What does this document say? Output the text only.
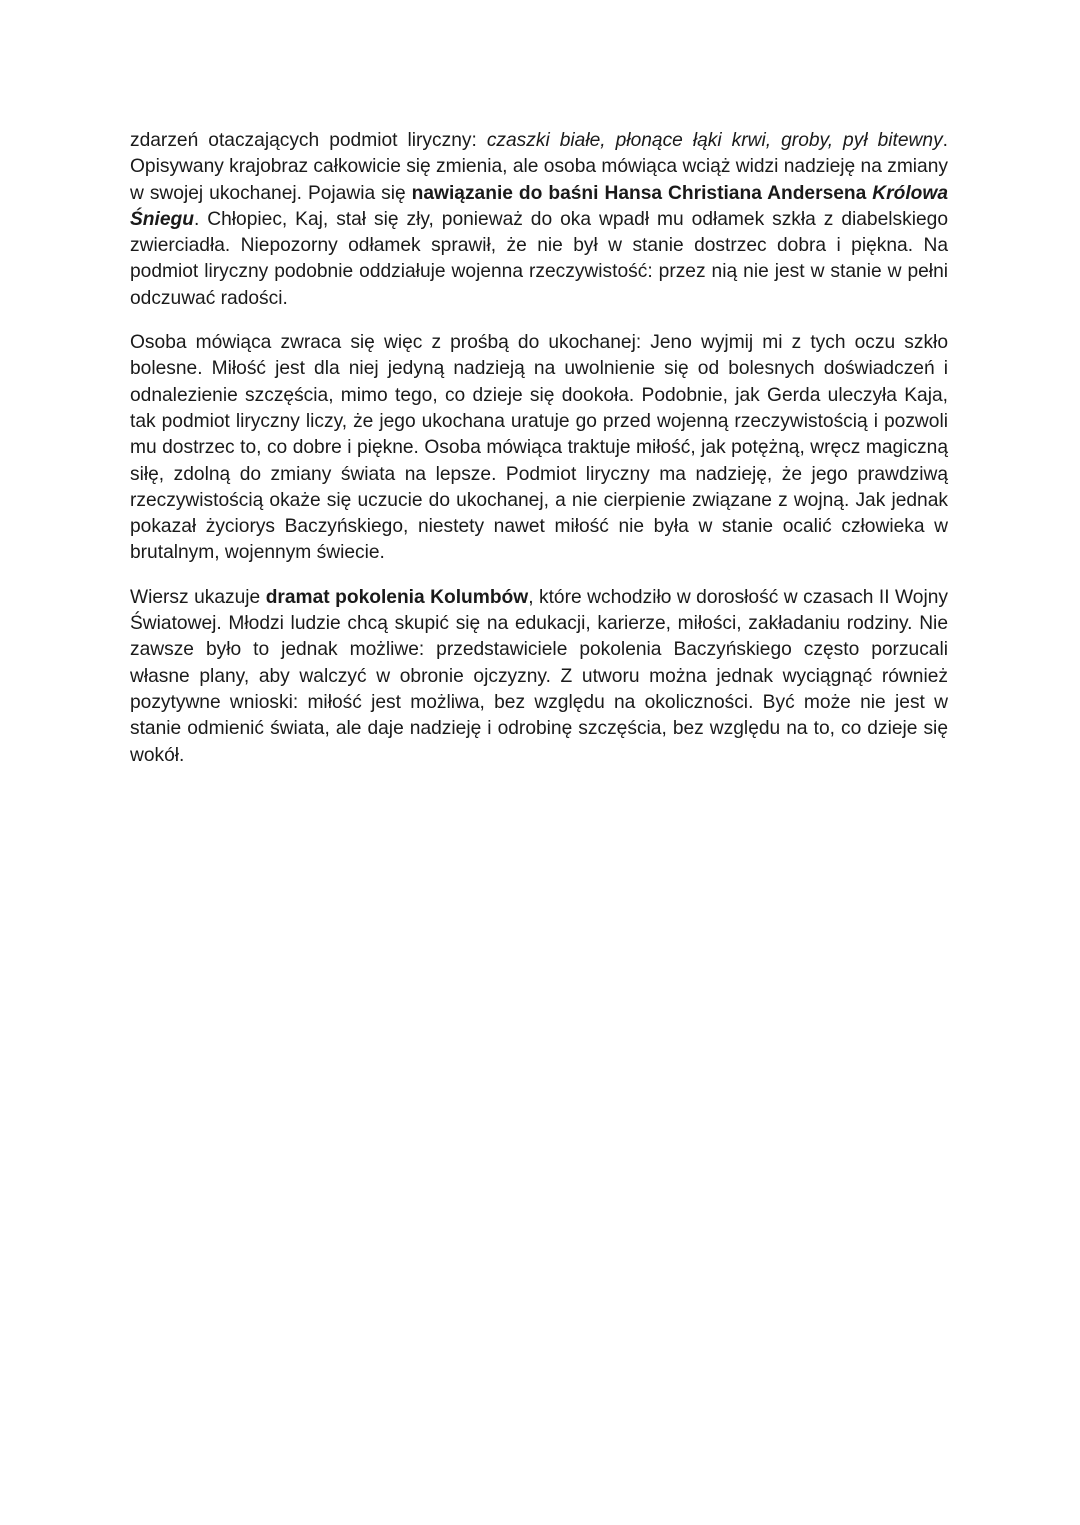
zdarzeń otaczających podmiot liryczny: czaszki białe, płonące łąki krwi, groby, pył bitewny. Opisywany krajobraz całkowicie się zmienia, ale osoba mówiąca wciąż widzi nadzieję na zmiany w swojej ukochanej. Pojawia się nawiązanie do baśni Hansa Christiana Andersena Królowa Śniegu. Chłopiec, Kaj, stał się zły, ponieważ do oka wpadł mu odłamek szkła z diabelskiego zwierciadła. Niepozorny odłamek sprawił, że nie był w stanie dostrzec dobra i piękna. Na podmiot liryczny podobnie oddziałuje wojenna rzeczywistość: przez nią nie jest w stanie w pełni odczuwać radości.

Osoba mówiąca zwraca się więc z prośbą do ukochanej: Jeno wyjmij mi z tych oczu szkło bolesne. Miłość jest dla niej jedyną nadzieją na uwolnienie się od bolesnych doświadczeń i odnalezienie szczęścia, mimo tego, co dzieje się dookoła. Podobnie, jak Gerda uleczyła Kaja, tak podmiot liryczny liczy, że jego ukochana uratuje go przed wojenną rzeczywistością i pozwoli mu dostrzec to, co dobre i piękne. Osoba mówiąca traktuje miłość, jak potężną, wręcz magiczną siłę, zdolną do zmiany świata na lepsze. Podmiot liryczny ma nadzieję, że jego prawdziwą rzeczywistością okaże się uczucie do ukochanej, a nie cierpienie związane z wojną. Jak jednak pokazał życiorys Baczyńskiego, niestety nawet miłość nie była w stanie ocalić człowieka w brutalnym, wojennym świecie.

Wiersz ukazuje dramat pokolenia Kolumbów, które wchodziło w dorosłość w czasach II Wojny Światowej. Młodzi ludzie chcą skupić się na edukacji, karierze, miłości, zakładaniu rodziny. Nie zawsze było to jednak możliwe: przedstawiciele pokolenia Baczyńskiego często porzucali własne plany, aby walczyć w obronie ojczyzny. Z utworu można jednak wyciągnąć również pozytywne wnioski: miłość jest możliwa, bez względu na okoliczności. Być może nie jest w stanie odmienić świata, ale daje nadzieję i odrobinę szczęścia, bez względu na to, co dzieje się wokół.
